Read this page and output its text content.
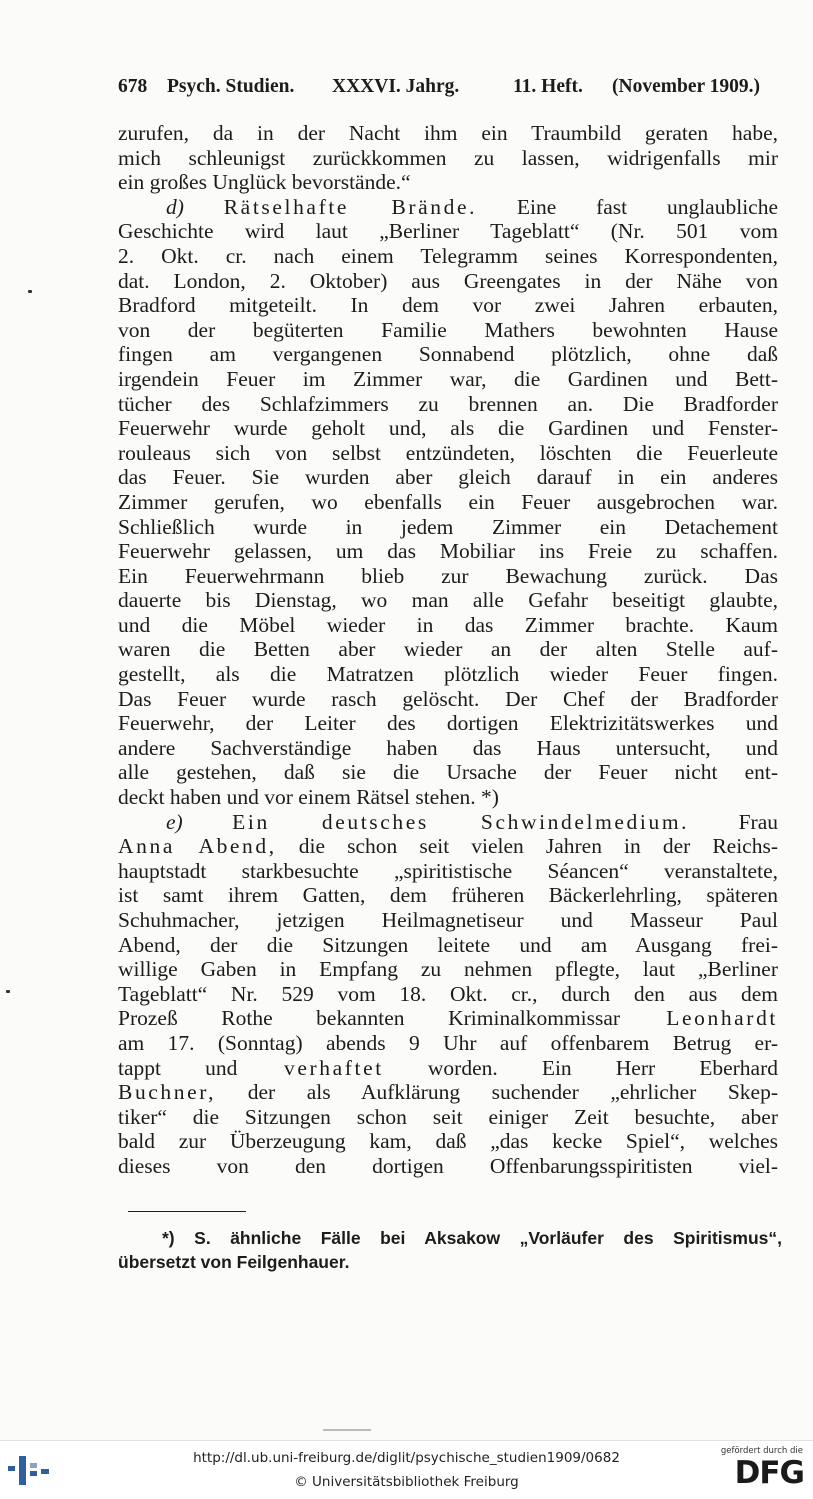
678 Psych. Studien. XXXVI. Jahrg.	11. Heft. (November 1909.)
zurufen, da in der Nacht ihm ein Traumbild geraten habe,
mich schleunigst zurückkommen zu lassen, widrigenfalls mir
ein großes Unglück bevorstände.“
d) Rätselhafte Brände. Eine fast unglaubliche
Geschichte wird laut „Berliner Tageblatt“ (Nr. 501 vom
2. Okt. cr. nach einem Telegramm seines Korrespondenten,
dat. London, 2. Oktober) aus Greengates in der Nähe von
Bradford mitgeteilt. In dem vor zwei Jahren erbauten,
von der begüterten Familie Mathers bewohnten Hause
fingen am vergangenen Sonnabend plötzlich, ohne daß
irgendein Feuer im Zimmer war, die Gardinen und Bett-
tücher des Schlafzimmers zu brennen an. Die Bradforder
Feuerwehr wurde geholt und, als die Gardinen und Fenster-
rouleaus sich von selbst entzündeten, löschten die Feuerleute
das Feuer. Sie wurden aber gleich darauf in ein anderes
Zimmer gerufen, wo ebenfalls ein Feuer ausgebrochen war.
Schließlich wurde in jedem Zimmer ein Detachement
Feuerwehr gelassen, um das Mobiliar ins Freie zu schaffen.
Ein Feuerwehrmann blieb zur Bewachung zurück. Das
dauerte bis Dienstag, wo man alle Gefahr beseitigt glaubte,
und die Möbel wieder in das Zimmer brachte. Kaum
waren die Betten aber wieder an der alten Stelle auf-
gestellt, als die Matratzen plötzlich wieder Feuer fingen.
Das Feuer wurde rasch gelöscht. Der Chef der Bradforder
Feuerwehr, der Leiter des dortigen Elektrizitätswerkes und
andere Sachverständige haben das Haus untersucht, und
alle gestehen, daß sie die Ursache der Feuer nicht ent-
deckt haben und vor einem Rätsel stehen. *)
e) Ein deutsches Schwindelmedium. Frau
Anna Abend, die schon seit vielen Jahren in der Reichs-
hauptstadt starkbesuchte „spiritistische Séancen“ veranstaltete,
ist samt ihrem Gatten, dem früheren Bäckerlehrling, späteren
Schuhmacher, jetzigen Heilmagnetiseur und Masseur Paul
Abend, der die Sitzungen leitete und am Ausgang frei-
willige Gaben in Empfang zu nehmen pflegte, laut „Berliner
Tageblatt“ Nr. 529 vom 18. Okt. cr., durch den aus dem
Prozeß Rothe bekannten Kriminalkommissar Leonhardt
am 17. (Sonntag) abends 9 Uhr auf offenbarem Betrug er-
tappt und verhaftet worden. Ein Herr Eberhard
Buchner, der als Aufklärung suchender „ehrlicher Skep-
tiker“ die Sitzungen schon seit einiger Zeit besuchte, aber
bald zur Überzeugung kam, daß „das kecke Spiel“, welches
dieses von den dortigen Offenbarungsspiritisten viel-
*) S. ähnliche Fälle bei Aksakow „Vorläufer des Spiritismus“,
übersetzt von Feilgenhauer.
http://dl.ub.uni-freiburg.de/diglit/psychische_studien1909/0682
© Universitätsbibliothek Freiburg
gefördert durch die
DFG
